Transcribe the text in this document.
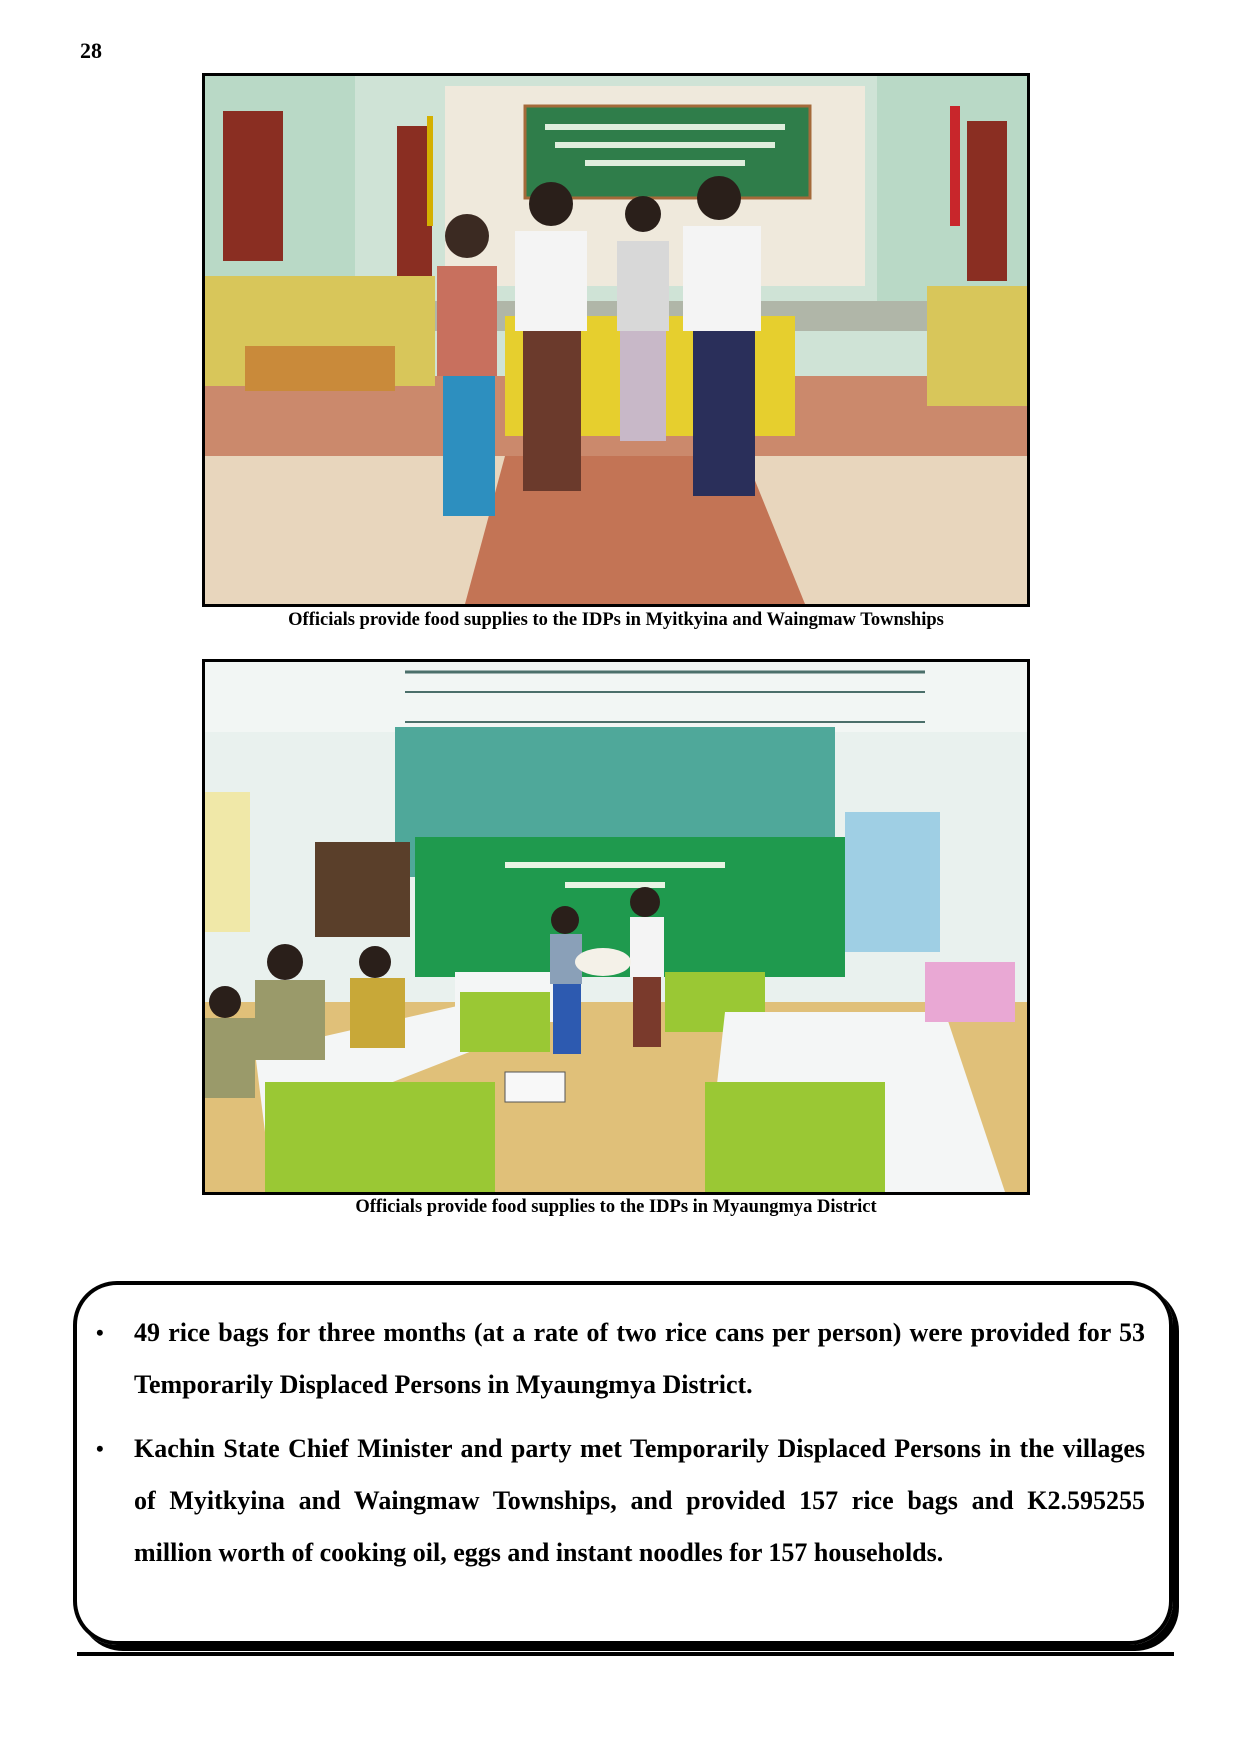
28
Officials provide food supplies to the IDPs in Myitkyina and Waingmaw Townships
Officials provide food supplies to the IDPs in Myaungmya District
• 49 rice bags for three months (at a rate of two rice cans per person) were provided for 53 Temporarily Displaced Persons in Myaungmya District.
• Kachin State Chief Minister and party met Temporarily Displaced Persons in the villages of Myitkyina and Waingmaw Townships, and provided 157 rice bags and K2.595255 million worth of cooking oil, eggs and instant noodles for 157 households.
